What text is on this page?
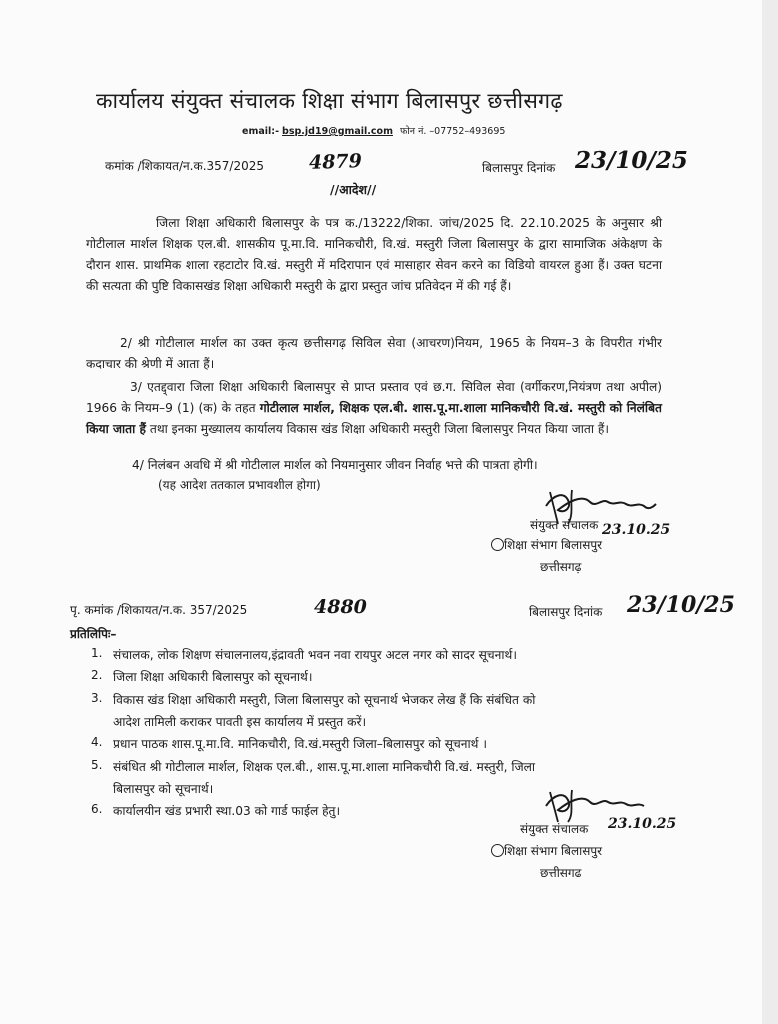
कार्यालय संयुक्त संचालक शिक्षा संभाग बिलासपुर छत्तीसगढ़
email:- bsp.jd19@gmail.com फोन नं. –07752–493695
कमांक /शिकायत/न.क.357/2025 4879	बिलासपुर दिनांक 23/10/25
//आदेश//
जिला शिक्षा अधिकारी बिलासपुर के पत्र क./13222/शिका. जांच/2025 दि. 22.10.2025 के अनुसार श्री गोटीलाल मार्शल शिक्षक एल.बी. शासकीय पू.मा.वि. मानिकचौरी, वि.खं. मस्तुरी जिला बिलासपुर के द्वारा सामाजिक अंकेक्षण के दौरान शास. प्राथमिक शाला रहटाटोर वि.खं. मस्तुरी में मदिरापान एवं मासाहार सेवन करने का विडियो वायरल हुआ हैं। उक्त घटना की सत्यता की पुष्टि विकासखंड शिक्षा अधिकारी मस्तुरी के द्वारा प्रस्तुत जांच प्रतिवेदन में की गई हैं।
2/ श्री गोटीलाल मार्शल का उक्त कृत्य छत्तीसगढ़ सिविल सेवा (आचरण)नियम, 1965 के नियम–3 के विपरीत गंभीर कदाचार की श्रेणी में आता हैं।
3/ एतद्द्वारा जिला शिक्षा अधिकारी बिलासपुर से प्राप्त प्रस्ताव एवं छ.ग. सिविल सेवा (वर्गीकरण,नियंत्रण तथा अपील) 1966 के नियम–9 (1) (क) के तहत गोटीलाल मार्शल, शिक्षक एल.बी. शास.पू.मा.शाला मानिकचौरी वि.खं. मस्तुरी को निलंबित किया जाता हैं तथा इनका मुख्यालय कार्यालय विकास खंड शिक्षा अधिकारी मस्तुरी जिला बिलासपुर नियत किया जाता हैं।
4/ निलंबन अवधि में श्री गोटीलाल मार्शल को नियमानुसार जीवन निर्वाह भत्ते की पात्रता होगी।
(यह आदेश ततकाल प्रभावशील होगा)
संयुक्त संचालक 23.10.25
शिक्षा संभाग बिलासपुर
छत्तीसगढ़
पृ. कमांक /शिकायत/न.क. 357/2025	4880	बिलासपुर दिनांक 23/10/25
प्रतिलिपिः–
1. संचालक, लोक शिक्षण संचालनालय,इंद्रावती भवन नवा रायपुर अटल नगर को सादर सूचनार्थ।
2. जिला शिक्षा अधिकारी बिलासपुर को सूचनार्थ।
3. विकास खंड शिक्षा अधिकारी मस्तुरी, जिला बिलासपुर को सूचनार्थ भेजकर लेख हैं कि संबंधित को
आदेश तामिली कराकर पावती इस कार्यालय में प्रस्तुत करें।
4. प्रधान पाठक शास.पू.मा.वि. मानिकचौरी, वि.खं.मस्तुरी जिला–बिलासपुर को सूचनार्थ ।
5. संबंधित श्री गोटीलाल मार्शल, शिक्षक एल.बी., शास.पू.मा.शाला मानिकचौरी वि.खं. मस्तुरी, जिला
बिलासपुर को सूचनार्थ।
6. कार्यालयीन खंड प्रभारी स्था.03 को गार्ड फाईल हेतु।
संयुक्त संचालक 23.10.25
शिक्षा संभाग बिलासपुर
छत्तीसगढ
